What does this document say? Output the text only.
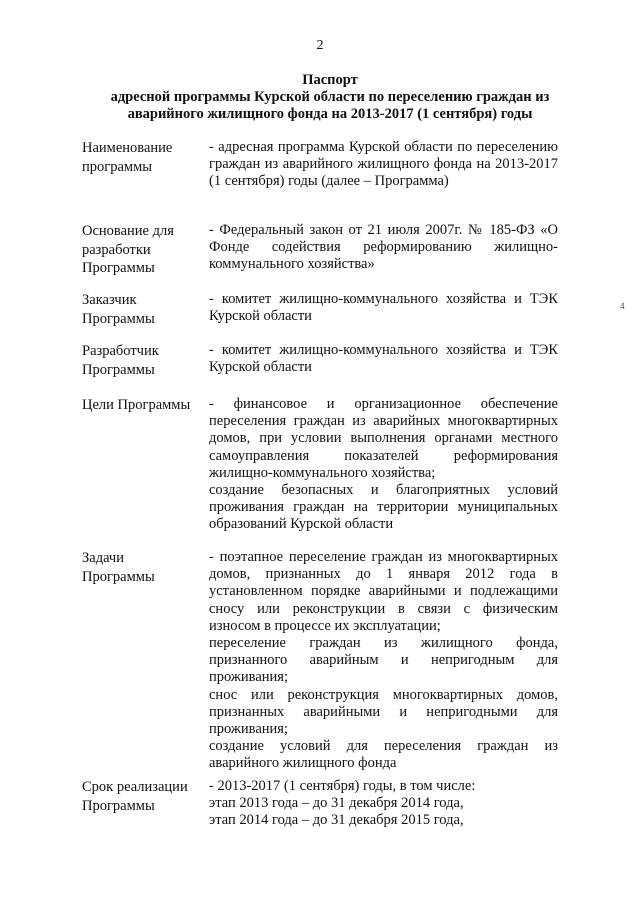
2
Паспорт
адресной программы Курской области по переселению граждан из
аварийного жилищного фонда на 2013-2017 (1 сентября) годы
Наименование
программы

- адресная программа Курской области по переселению граждан из аварийного жилищного фонда на 2013-2017 (1 сентября) годы (далее – Программа)

Основание для
разработки
Программы

- Федеральный закон от 21 июля 2007г. № 185-ФЗ «О Фонде содействия реформированию жилищно-коммунального хозяйства»

Заказчик
Программы

- комитет жилищно-коммунального хозяйства и ТЭК Курской области

Разработчик
Программы

- комитет жилищно-коммунального хозяйства и ТЭК Курской области

Цели Программы	- финансовое и организационное обеспечение переселения граждан из аварийных многоквартирных домов, при условии выполнения органами местного самоуправления показателей реформирования жилищно-коммунального хозяйства;

создание безопасных и благоприятных условий проживания граждан на территории муниципальных образований Курской области

Задачи
Программы

- поэтапное переселение граждан из многоквартирных домов, признанных до 1 января 2012 года в установленном порядке аварийными и подлежащими сносу или реконструкции в связи с физическим износом в процессе их эксплуатации;

переселение граждан из жилищного фонда, признанного аварийным и непригодным для проживания;

снос или реконструкция многоквартирных домов, признанных аварийными и непригодными для проживания;

создание условий для переселения граждан из аварийного жилищного фонда

Срок реализации
Программы

- 2013-2017 (1 сентября) годы, в том числе:

этап 2013 года – до 31 декабря 2014 года,

этап 2014 года – до 31 декабря 2015 года,

4
